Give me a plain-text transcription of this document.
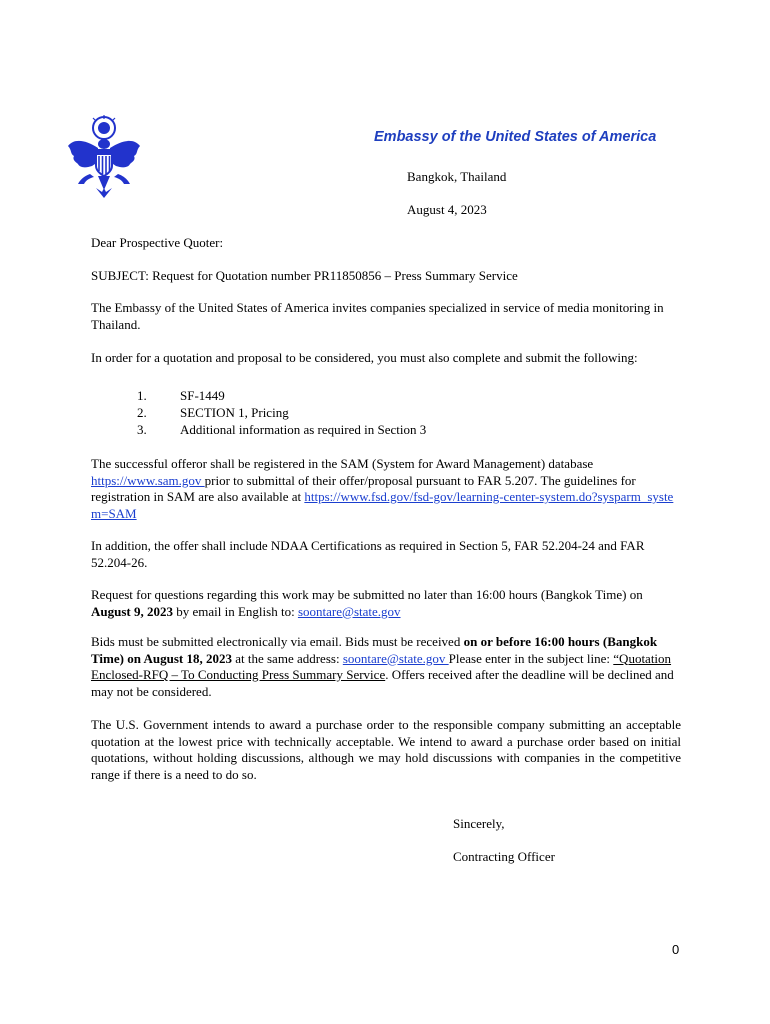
Embassy of the United States of America
Bangkok, Thailand
August 4, 2023
Dear Prospective Quoter:
SUBJECT: Request for Quotation number PR11850856 – Press Summary Service
The Embassy of the United States of America invites companies specialized in service of media monitoring in Thailand.
In order for a quotation and proposal to be considered, you must also complete and submit the following:
1.	SF-1449
2.	SECTION 1, Pricing
3.	Additional information as required in Section 3
The successful offeror shall be registered in the SAM (System for Award Management) database https://www.sam.gov prior to submittal of their offer/proposal pursuant to FAR 5.207. The guidelines for registration in SAM are also available at https://www.fsd.gov/fsd-gov/learning-center-system.do?sysparm_system=SAM
In addition, the offer shall include NDAA Certifications as required in Section 5, FAR 52.204-24 and FAR 52.204-26.
Request for questions regarding this work may be submitted no later than 16:00 hours (Bangkok Time) on August 9, 2023 by email in English to: soontare@state.gov
Bids must be submitted electronically via email. Bids must be received on or before 16:00 hours (Bangkok Time) on August 18, 2023 at the same address: soontare@state.gov Please enter in the subject line: “Quotation Enclosed-RFQ – To Conducting Press Summary Service. Offers received after the deadline will be declined and may not be considered.
The U.S. Government intends to award a purchase order to the responsible company submitting an acceptable quotation at the lowest price with technically acceptable. We intend to award a purchase order based on initial quotations, without holding discussions, although we may hold discussions with companies in the competitive range if there is a need to do so.
Sincerely,
Contracting Officer
0
